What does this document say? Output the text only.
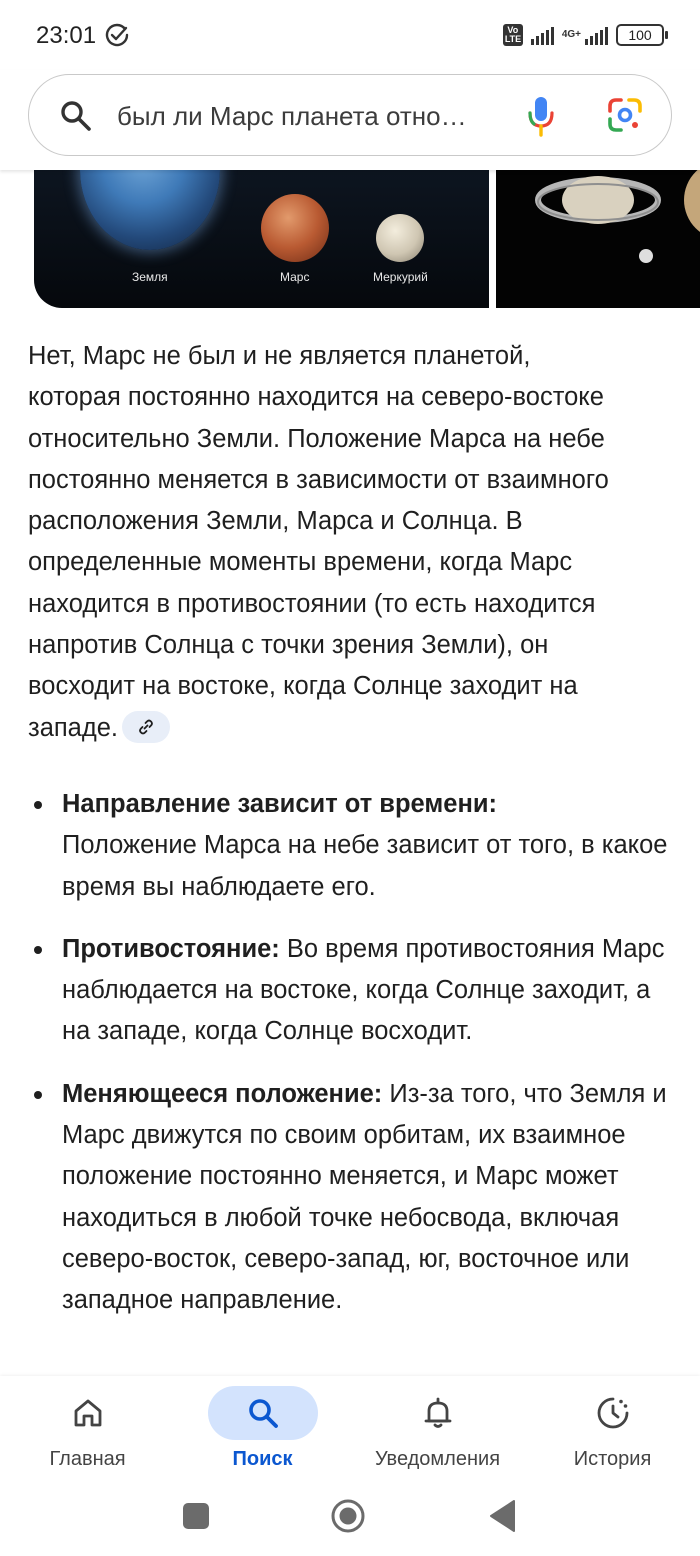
23:01	Vo LTE	4G+	100
был ли Марс планета отно…
Земля	Марс	Меркурий
Нет, Марс не был и не является планетой,
которая постоянно находится на северо-востоке
относительно Земли. Положение Марса на небе
постоянно меняется в зависимости от взаимного
расположения Земли, Марса и Солнца. В
определенные моменты времени, когда Марс
находится в противостоянии (то есть находится
напротив Солнца с точки зрения Земли), он
восходит на востоке, когда Солнце заходит на
западе.
Направление зависит от времени:
Положение Марса на небе зависит от того, в какое время вы наблюдаете его.
Противостояние: Во время противостояния Марс наблюдается на востоке, когда Солнце заходит, а на западе, когда Солнце восходит.
Меняющееся положение: Из-за того, что Земля и Марс движутся по своим орбитам, их взаимное положение постоянно меняется, и Марс может находиться в любой точке небосвода, включая северо-восток, северо-запад, юг, восточное или западное направление.
Главная	Поиск	Уведомления	История
